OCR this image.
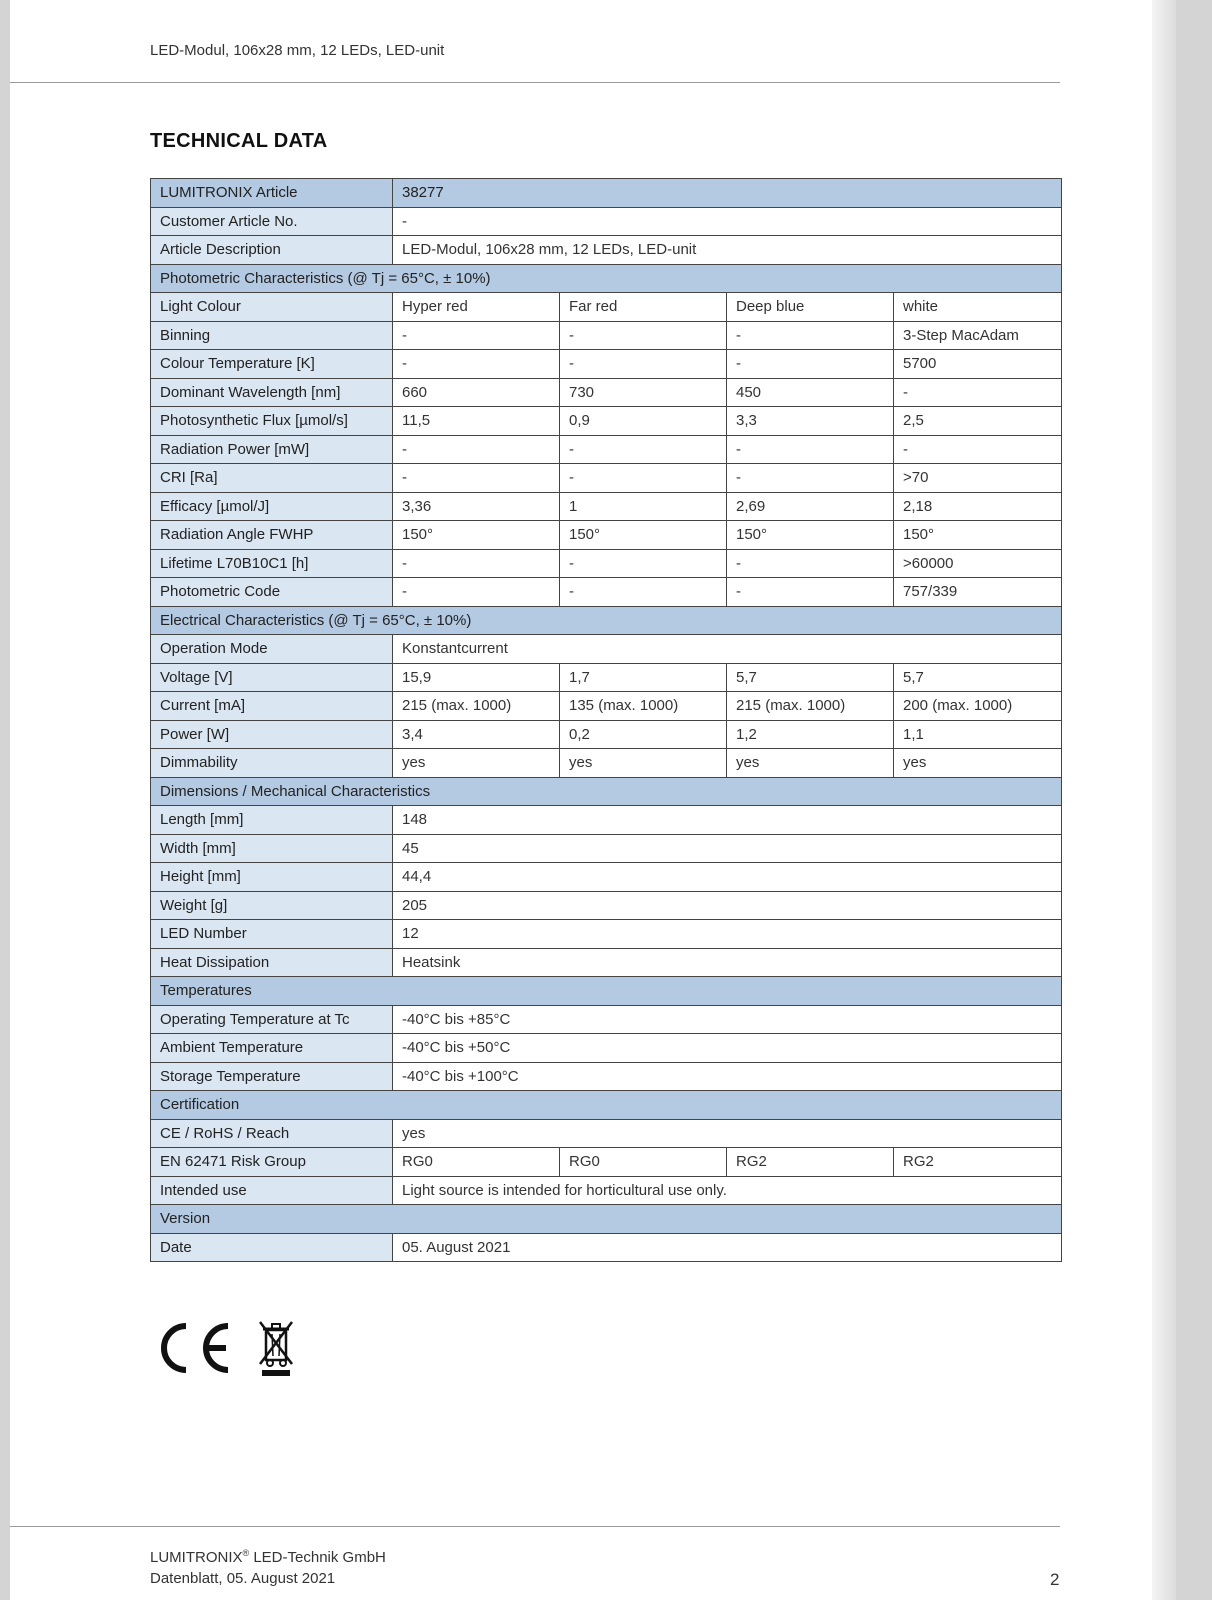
LED-Modul, 106x28 mm, 12 LEDs, LED-unit
TECHNICAL DATA
LUMITRONIX Article	38277			
Customer Article No.	-			
Article Description	LED-Modul, 106x28 mm, 12 LEDs, LED-unit			
Photometric Characteristics (@ Tj = 65°C, ± 10%)				
Light Colour	Hyper red	Far red	Deep blue	white
Binning	-	-	-	3-Step MacAdam
Colour Temperature [K]	-	-	-	5700
Dominant Wavelength [nm]	660	730	450	-
Photosynthetic Flux [µmol/s]	11,5	0,9	3,3	2,5
Radiation Power [mW]	-	-	-	-
CRI [Ra]	-	-	-	>70
Efficacy [µmol/J]	3,36	1	2,69	2,18
Radiation Angle FWHP	150°	150°	150°	150°
Lifetime L70B10C1 [h]	-	-	-	>60000
Photometric Code	-	-	-	757/339
Electrical Characteristics (@ Tj = 65°C, ± 10%)				
Operation Mode	Konstantcurrent			
Voltage [V]	15,9	1,7	5,7	5,7
Current [mA]	215 (max. 1000)	135 (max. 1000)	215 (max. 1000)	200 (max. 1000)
Power [W]	3,4	0,2	1,2	1,1
Dimmability	yes	yes	yes	yes
Dimensions / Mechanical Characteristics				
Length [mm]	148			
Width [mm]	45			
Height [mm]	44,4			
Weight [g]	205			
LED Number	12			
Heat Dissipation	Heatsink			
Temperatures				
Operating Temperature at Tc	-40°C bis +85°C			
Ambient Temperature	-40°C bis +50°C			
Storage Temperature	-40°C bis +100°C			
Certification				
CE / RoHS / Reach	yes			
EN 62471 Risk Group	RG0	RG0	RG2	RG2
Intended use	Light source is intended for horticultural use only.			
Version				
Date	05. August 2021			
LUMITRONIX® LED-Technik GmbH
Datenblatt, 05. August 2021	2
